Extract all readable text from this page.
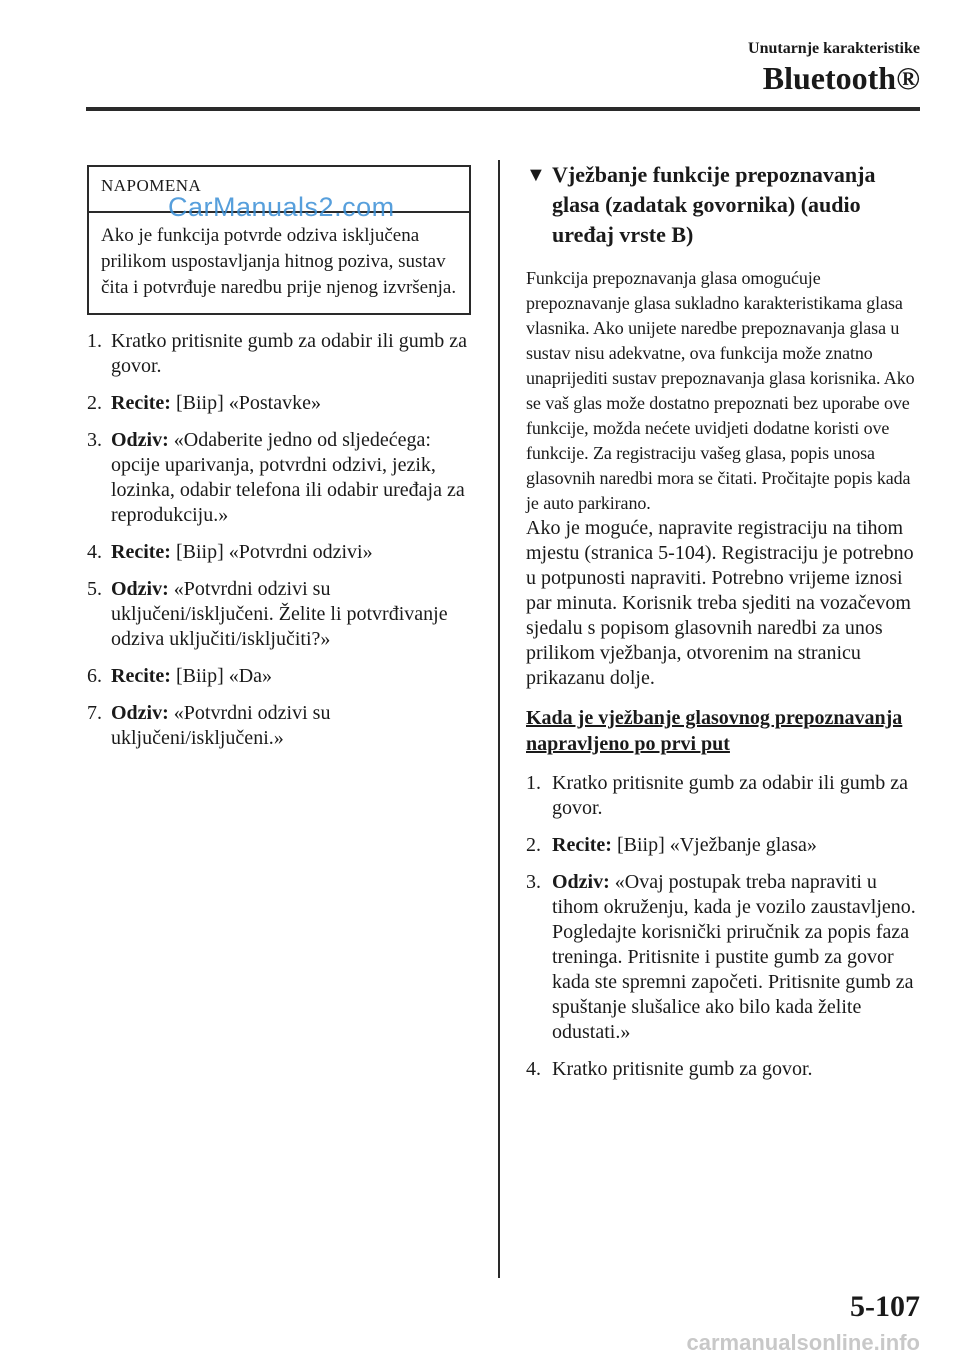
Unutarnje karakteristike
Bluetooth®
NAPOMENA
Ako je funkcija potvrde odziva isključena prilikom uspostavljanja hitnog poziva, sustav čita i potvrđuje naredbu prije njenog izvršenja.
1. Kratko pritisnite gumb za odabir ili gumb za govor.
2. Recite: [Biip] «Postavke»
3. Odziv: «Odaberite jedno od sljedećega: opcije uparivanja, potvrdni odzivi, jezik, lozinka, odabir telefona ili odabir uređaja za reprodukciju.»
4. Recite: [Biip] «Potvrdni odzivi»
5. Odziv: «Potvrdni odzivi su uključeni/isključeni. Želite li potvrđivanje odziva uključiti/isključiti?»
6. Recite: [Biip] «Da»
7. Odziv: «Potvrdni odzivi su uključeni/isključeni.»
▼ Vježbanje funkcije prepoznavanja glasa (zadatak govornika) (audio uređaj vrste B)
Funkcija prepoznavanja glasa omogućuje prepoznavanje glasa sukladno karakteristikama glasa vlasnika. Ako unijete naredbe prepoznavanja glasa u sustav nisu adekvatne, ova funkcija može znatno unaprijediti sustav prepoznavanja glasa korisnika. Ako se vaš glas može dostatno prepoznati bez uporabe ove funkcije, možda nećete uvidjeti dodatne koristi ove funkcije. Za registraciju vašeg glasa, popis unosa glasovnih naredbi mora se čitati. Pročitajte popis kada je auto parkirano.
Ako je moguće, napravite registraciju na tihom mjestu (stranica 5-104). Registraciju je potrebno u potpunosti napraviti. Potrebno vrijeme iznosi par minuta. Korisnik treba sjediti na vozačevom sjedalu s popisom glasovnih naredbi za unos prilikom vježbanja, otvorenim na stranicu prikazanu dolje.
Kada je vježbanje glasovnog prepoznavanja napravljeno po prvi put
1. Kratko pritisnite gumb za odabir ili gumb za govor.
2. Recite: [Biip] «Vježbanje glasa»
3. Odziv: «Ovaj postupak treba napraviti u tihom okruženju, kada je vozilo zaustavljeno. Pogledajte korisnički priručnik za popis faza treninga. Pritisnite i pustite gumb za govor kada ste spremni započeti. Pritisnite gumb za spuštanje slušalice ako bilo kada želite odustati.»
4. Kratko pritisnite gumb za govor.
CarManuals2.com
5-107
carmanualsonline.info
